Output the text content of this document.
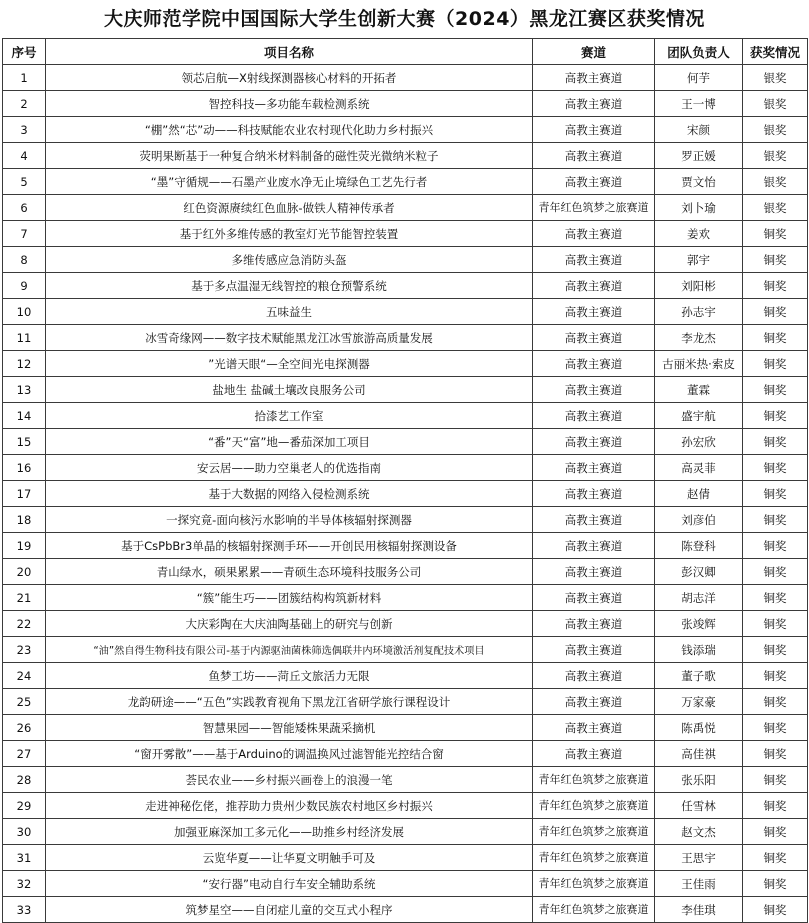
大庆师范学院中国国际大学生创新大赛（2024）黑龙江赛区获奖情况
序号	项目名称	赛道	团队负责人	获奖情况
1	领芯启航—X射线探测器核心材料的开拓者	高教主赛道	何芋	银奖
2	智控科技—多功能车载检测系统	高教主赛道	王一博	银奖
3	“棚”然“芯”动——科技赋能农业农村现代化助力乡村振兴	高教主赛道	宋颜	银奖
4	荧明果断基于一种复合纳米材料制备的磁性荧光微纳米粒子	高教主赛道	罗正媛	银奖
5	“墨”守循规——石墨产业废水净无止境绿色工艺先行者	高教主赛道	贾文怡	银奖
6	红色资源赓续红色血脉-做铁人精神传承者	青年红色筑梦之旅赛道	刘卜瑜	银奖
7	基于红外多维传感的教室灯光节能智控装置	高教主赛道	姜欢	铜奖
8	多维传感应急消防头盔	高教主赛道	郭宇	铜奖
9	基于多点温湿无线智控的粮仓预警系统	高教主赛道	刘阳彬	铜奖
10	五味益生	高教主赛道	孙志宇	铜奖
11	冰雪奇缘网——数字技术赋能黑龙江冰雪旅游高质量发展	高教主赛道	李龙杰	铜奖
12	”光谱天眼“—全空间光电探测器	高教主赛道	古丽米热·索皮	铜奖
13	盐地生 盐碱土壤改良服务公司	高教主赛道	董霖	铜奖
14	拾漆艺工作室	高教主赛道	盛宇航	铜奖
15	“番”天“富”地—番茄深加工项目	高教主赛道	孙宏欣	铜奖
16	安云居——助力空巢老人的优选指南	高教主赛道	高灵菲	铜奖
17	基于大数据的网络入侵检测系统	高教主赛道	赵倩	铜奖
18	一探究竟-面向核污水影响的半导体核辐射探测器	高教主赛道	刘彦伯	铜奖
19	基于CsPbBr3单晶的核辐射探测手环——开创民用核辐射探测设备	高教主赛道	陈登科	铜奖
20	青山绿水，硕果累累——青硕生态环境科技服务公司	高教主赛道	彭汉卿	铜奖
21	“簇”能生巧——团簇结构构筑新材料	高教主赛道	胡志洋	铜奖
22	大庆彩陶在大庆油陶基础上的研究与创新	高教主赛道	张竣辉	铜奖
23	“油”然自得生物科技有限公司-基于内源驱油菌株筛选偶联井内环境激活剂复配技术项目	高教主赛道	钱添瑞	铜奖
24	鱼梦工坊——菏丘文旅活力无限	高教主赛道	董子歌	铜奖
25	龙韵研途——“五色”实践教育视角下黑龙江省研学旅行课程设计	高教主赛道	万家豪	铜奖
26	智慧果园——智能矮株果蔬采摘机	高教主赛道	陈禹悦	铜奖
27	“窗开雾散”——基于Arduino的调温换风过滤智能光控结合窗	高教主赛道	高佳祺	铜奖
28	荟民农业——乡村振兴画卷上的浪漫一笔	青年红色筑梦之旅赛道	张乐阳	铜奖
29	走进神秘仡佬，推荐助力贵州少数民族农村地区乡村振兴	青年红色筑梦之旅赛道	任雪林	铜奖
30	加强亚麻深加工多元化——助推乡村经济发展	青年红色筑梦之旅赛道	赵文杰	铜奖
31	云览华夏——让华夏文明触手可及	青年红色筑梦之旅赛道	王思宇	铜奖
32	“安行器”电动自行车安全辅助系统	青年红色筑梦之旅赛道	王佳雨	铜奖
33	筑梦星空——自闭症儿童的交互式小程序	青年红色筑梦之旅赛道	李佳琪	铜奖
